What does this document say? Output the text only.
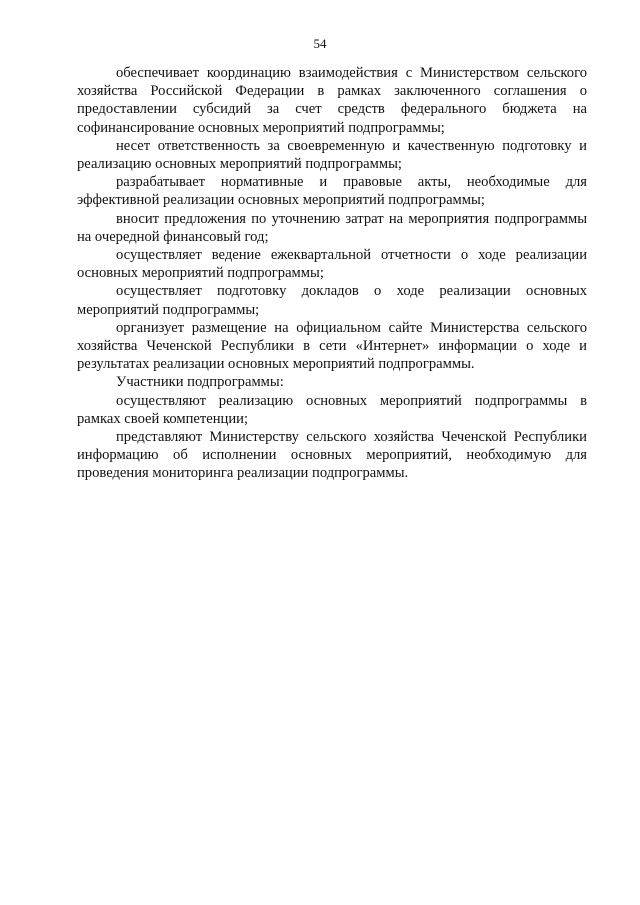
54

обеспечивает координацию взаимодействия с Министерством сельского хозяйства Российской Федерации в рамках заключенного соглашения о предоставлении субсидий за счет средств федерального бюджета на софинансирование основных мероприятий подпрограммы;

несет ответственность за своевременную и качественную подготовку и реализацию основных мероприятий подпрограммы;

разрабатывает нормативные и правовые акты, необходимые для эффективной реализации основных мероприятий подпрограммы;

вносит предложения по уточнению затрат на мероприятия подпрограммы на очередной финансовый год;

осуществляет ведение ежеквартальной отчетности о ходе реализации основных мероприятий подпрограммы;

осуществляет подготовку докладов о ходе реализации основных мероприятий подпрограммы;

организует размещение на официальном сайте Министерства сельского хозяйства Чеченской Республики в сети «Интернет» информации о ходе и результатах реализации основных мероприятий подпрограммы.

Участники подпрограммы:

осуществляют реализацию основных мероприятий подпрограммы в рамках своей компетенции;

представляют Министерству сельского хозяйства Чеченской Республики информацию об исполнении основных мероприятий, необходимую для проведения мониторинга реализации подпрограммы.
